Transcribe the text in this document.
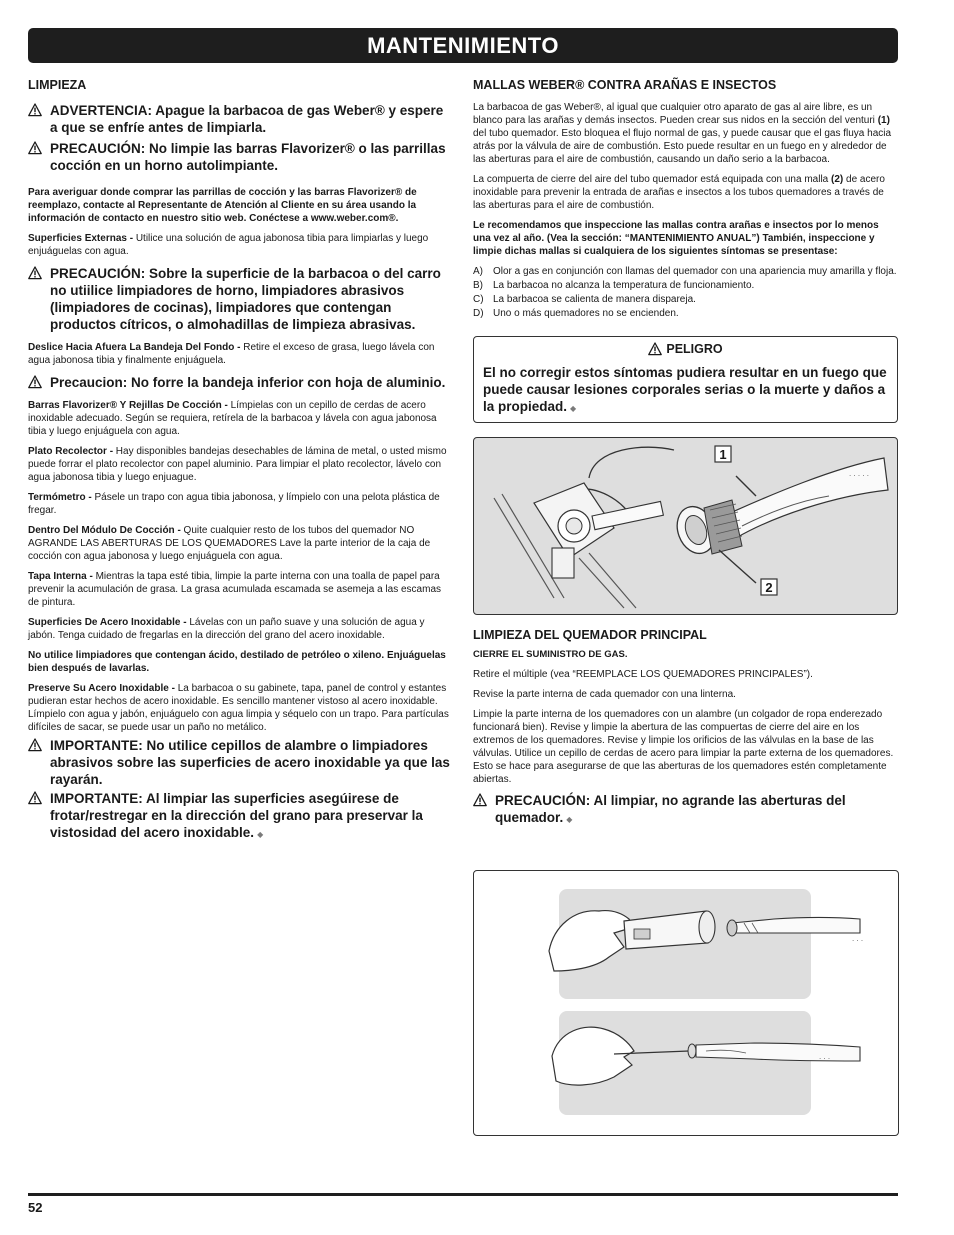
MANTENIMIENTO
LIMPIEZA
ADVERTENCIA: Apague la barbacoa de gas Weber® y espere a que se enfríe antes de limpiarla.
PRECAUCIÓN: No limpie las barras Flavorizer® o las parrillas cocción en un horno autolimpiante.
Para averiguar donde comprar las parrillas de cocción y las barras Flavorizer® de reemplazo, contacte al Representante de Atención al Cliente en su área usando la información de contacto en nuestro sitio web. Conéctese a www.weber.com®.
Superficies Externas - Utilice una solución de agua jabonosa tibia para limpiarlas y luego enjuáguelas con agua.
PRECAUCIÓN: Sobre la superficie de la barbacoa o del carro no utiilice limpiadores de horno, limpiadores abrasivos (limpiadores de cocinas), limpiadores que contengan productos cítricos, o almohadillas de limpieza abrasivas.
Deslice Hacia Afuera La Bandeja Del Fondo - Retire el exceso de grasa, luego lávela con agua jabonosa tibia y finalmente enjuáguela.
Precaucion: No forre la bandeja inferior con hoja de aluminio.
Barras Flavorizer® Y Rejillas De Cocción - Límpielas con un cepillo de cerdas de acero inoxidable adecuado. Según se requiera, retírela de la barbacoa y lávela con agua jabonosa tibia y luego enjuáguela con agua.
Plato Recolector - Hay disponibles bandejas desechables de lámina de metal, o usted mismo puede forrar el plato recolector con papel aluminio. Para limpiar el plato recolector, lávelo con agua jabonosa tibia y luego enjuague.
Termómetro - Pásele un trapo con agua tibia jabonosa, y límpielo con una pelota plástica de fregar.
Dentro Del Módulo De Cocción - Quite cualquier resto de los tubos del quemador NO AGRANDE LAS ABERTURAS DE LOS QUEMADORES Lave la parte interior de la caja de cocción con agua jabonosa y luego enjuáguela con agua.
Tapa Interna - Mientras la tapa esté tibia, limpie la parte interna con una toalla de papel para prevenir la acumulación de grasa. La grasa acumulada escamada se asemeja a las escamas de pintura.
Superficies De Acero Inoxidable - Lávelas con un paño suave y una solución de agua y jabón. Tenga cuidado de fregarlas en la dirección del grano del acero inoxidable.
No utilice limpiadores que contengan ácido, destilado de petróleo o xileno. Enjuáguelas bien después de lavarlas.
Preserve Su Acero Inoxidable - La barbacoa o su gabinete, tapa, panel de control y estantes pudieran estar hechos de acero inoxidable. Es sencillo mantener vistoso al acero inoxidable. Límpielo con agua y jabón, enjuáguelo con agua limpia y séquelo con un trapo. Para partículas difíciles de sacar, se puede usar un paño no metálico.
IMPORTANTE: No utilice cepillos de alambre o limpiadores abrasivos sobre las superficies de acero inoxidable ya que las rayarán.
IMPORTANTE: Al limpiar las superficies asegúirese de frotar/restregar en la dirección del grano para preservar la vistosidad del acero inoxidable. ◆
MALLAS WEBER® CONTRA ARAÑAS E INSECTOS
La barbacoa de gas Weber®, al igual que cualquier otro aparato de gas al aire libre, es un blanco para las arañas y demás insectos. Pueden crear sus nidos en la sección del venturi (1) del tubo quemador. Esto bloquea el flujo normal de gas, y puede causar que el gas fluya hacia atrás por la válvula de aire de combustión. Esto puede resultar en un fuego en y alrededor de las aberturas para el aire de combustión, causando un daño serio a la barbacoa.
La compuerta de cierre del aire del tubo quemador está equipada con una malla (2) de acero inoxidable para prevenir la entrada de arañas e insectos a los tubos quemadores a través de las aberturas para el aire de combustión.
Le recomendamos que inspeccione las mallas contra arañas e insectos por lo menos una vez al año. (Vea la sección: “MANTENIMIENTO ANUAL”) También, inspeccione y limpie dichas mallas si cualquiera de los siguientes síntomas se presentase:
A)	Olor a gas en conjunción con llamas del quemador con una apariencia muy amarilla y floja.
B)	La barbacoa no alcanza la temperatura de funcionamiento.
C) La barbacoa se calienta de manera dispareja.
D) Uno o más quemadores no se encienden.
PELIGRO
El no corregir estos síntomas pudiera resultar en un fuego que puede causar lesiones corporales serias o la muerte y daños a la propiedad. ◆
. . . . .
1
2
LIMPIEZA DEL QUEMADOR PRINCIPAL
CIERRE EL SUMINISTRO DE GAS.
Retire el múltiple (vea “REEMPLACE LOS QUEMADORES PRINCIPALES”).
Revise la parte interna de cada quemador con una linterna.
Limpie la parte interna de los quemadores con un alambre (un colgador de ropa enderezado funcionará bien). Revise y limpie la abertura de las compuertas de cierre del aire en los extremos de los quemadores. Revise y limpie los orificios de las válvulas en la base de las válvulas. Utilice un cepillo de cerdas de acero para limpiar la parte externa de los quemadores. Esto se hace para asegurarse de que las aberturas de los quemadores estén completamente abiertas.
PRECAUCIÓN: Al limpiar, no agrande las aberturas del quemador. ◆
. . .
. . .
52
